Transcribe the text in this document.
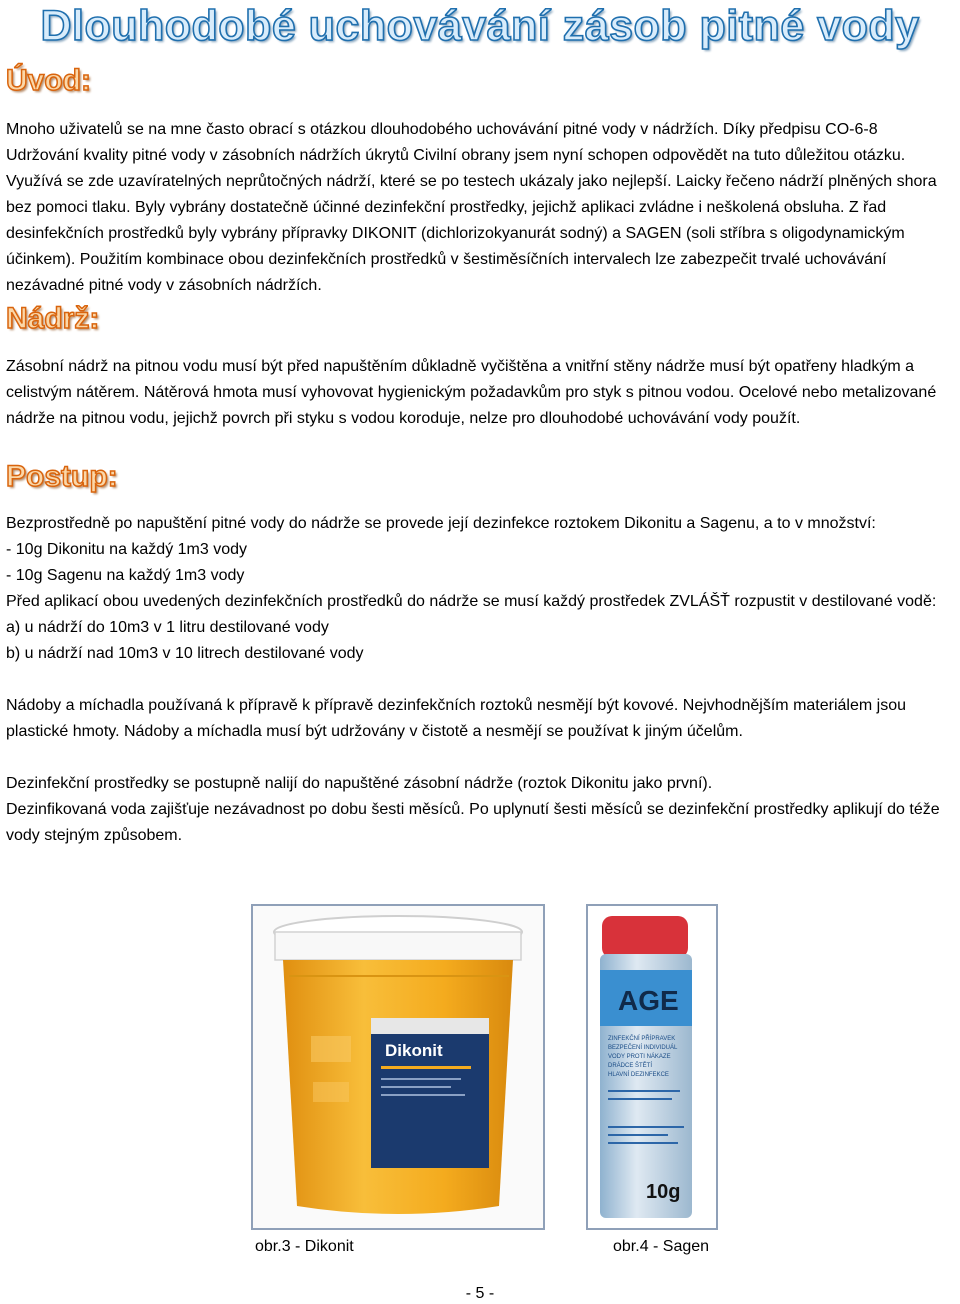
Dlouhodobé uchovávání zásob pitné vody
Úvod:

Mnoho uživatelů se na mne často obrací s otázkou dlouhodobého uchovávání pitné vody v nádržích. Díky předpisu CO-6-8 Udržování kvality pitné vody v zásobních nádržích úkrytů Civilní obrany jsem nyní schopen odpovědět na tuto důležitou otázku. Využívá se zde uzavíratelných neprůtočných nádrží, které se po testech ukázaly jako nejlepší. Laicky řečeno nádrží plněných shora bez pomoci tlaku. Byly vybrány dostatečně účinné dezinfekční prostředky, jejichž aplikaci zvládne i neškolená obsluha. Z řad desinfekčních prostředků byly vybrány přípravky DIKONIT (dichlorizokyanurát sodný) a SAGEN (soli stříbra s oligodynamickým účinkem). Použitím kombinace obou dezinfekčních prostředků v šestiměsíčních intervalech lze zabezpečit trvalé uchovávání nezávadné pitné vody v zásobních nádržích.

Nádrž:

Zásobní nádrž na pitnou vodu musí být před napuštěním důkladně vyčištěna a vnitřní stěny nádrže musí být opatřeny hladkým a celistvým nátěrem. Nátěrová hmota musí vyhovovat hygienickým požadavkům pro styk s pitnou vodou. Ocelové nebo metalizované nádrže na pitnou vodu, jejichž povrch při styku s vodou koroduje, nelze pro dlouhodobé uchovávání vody použít.

Postup:
Bezprostředně po napuštění pitné vody do nádrže se provede její dezinfekce roztokem Dikonitu a Sagenu, a to v množství:
- 10g Dikonitu na každý 1m3 vody
- 10g Sagenu na každý 1m3 vody
Před aplikací obou uvedených dezinfekčních prostředků do nádrže se musí každý prostředek ZVLÁŠŤ rozpustit v destilované vodě:
a) u nádrží do 10m3 v 1 litru destilované vody
b) u nádrží nad 10m3 v 10 litrech destilované vody
Nádoby a míchadla používaná k přípravě k přípravě dezinfekčních roztoků nesmějí být kovové. Nejvhodnějším materiálem jsou plastické hmoty. Nádoby a míchadla musí být udržovány v čistotě a nesmějí se používat k jiným účelům.
Dezinfekční prostředky se postupně nalijí do napuštěné zásobní nádrže (roztok Dikonitu jako první).
Dezinfikovaná voda zajišťuje nezávadnost po dobu šesti měsíců. Po uplynutí šesti měsíců se dezinfekční prostředky aplikují do téže vody stejným způsobem.
Dikonit
obr.3 - Dikonit
AGE
ZINFEKČNÍ PŘÍPRAVEK
BEZPEČENÍ INDIVIDUÁL
VODY PROTI NÁKAZE
DRÁDCE ŠTĚTÍ
HLAVNÍ DEZINFEKCE
10g
obr.4 - Sagen
- 5 -
